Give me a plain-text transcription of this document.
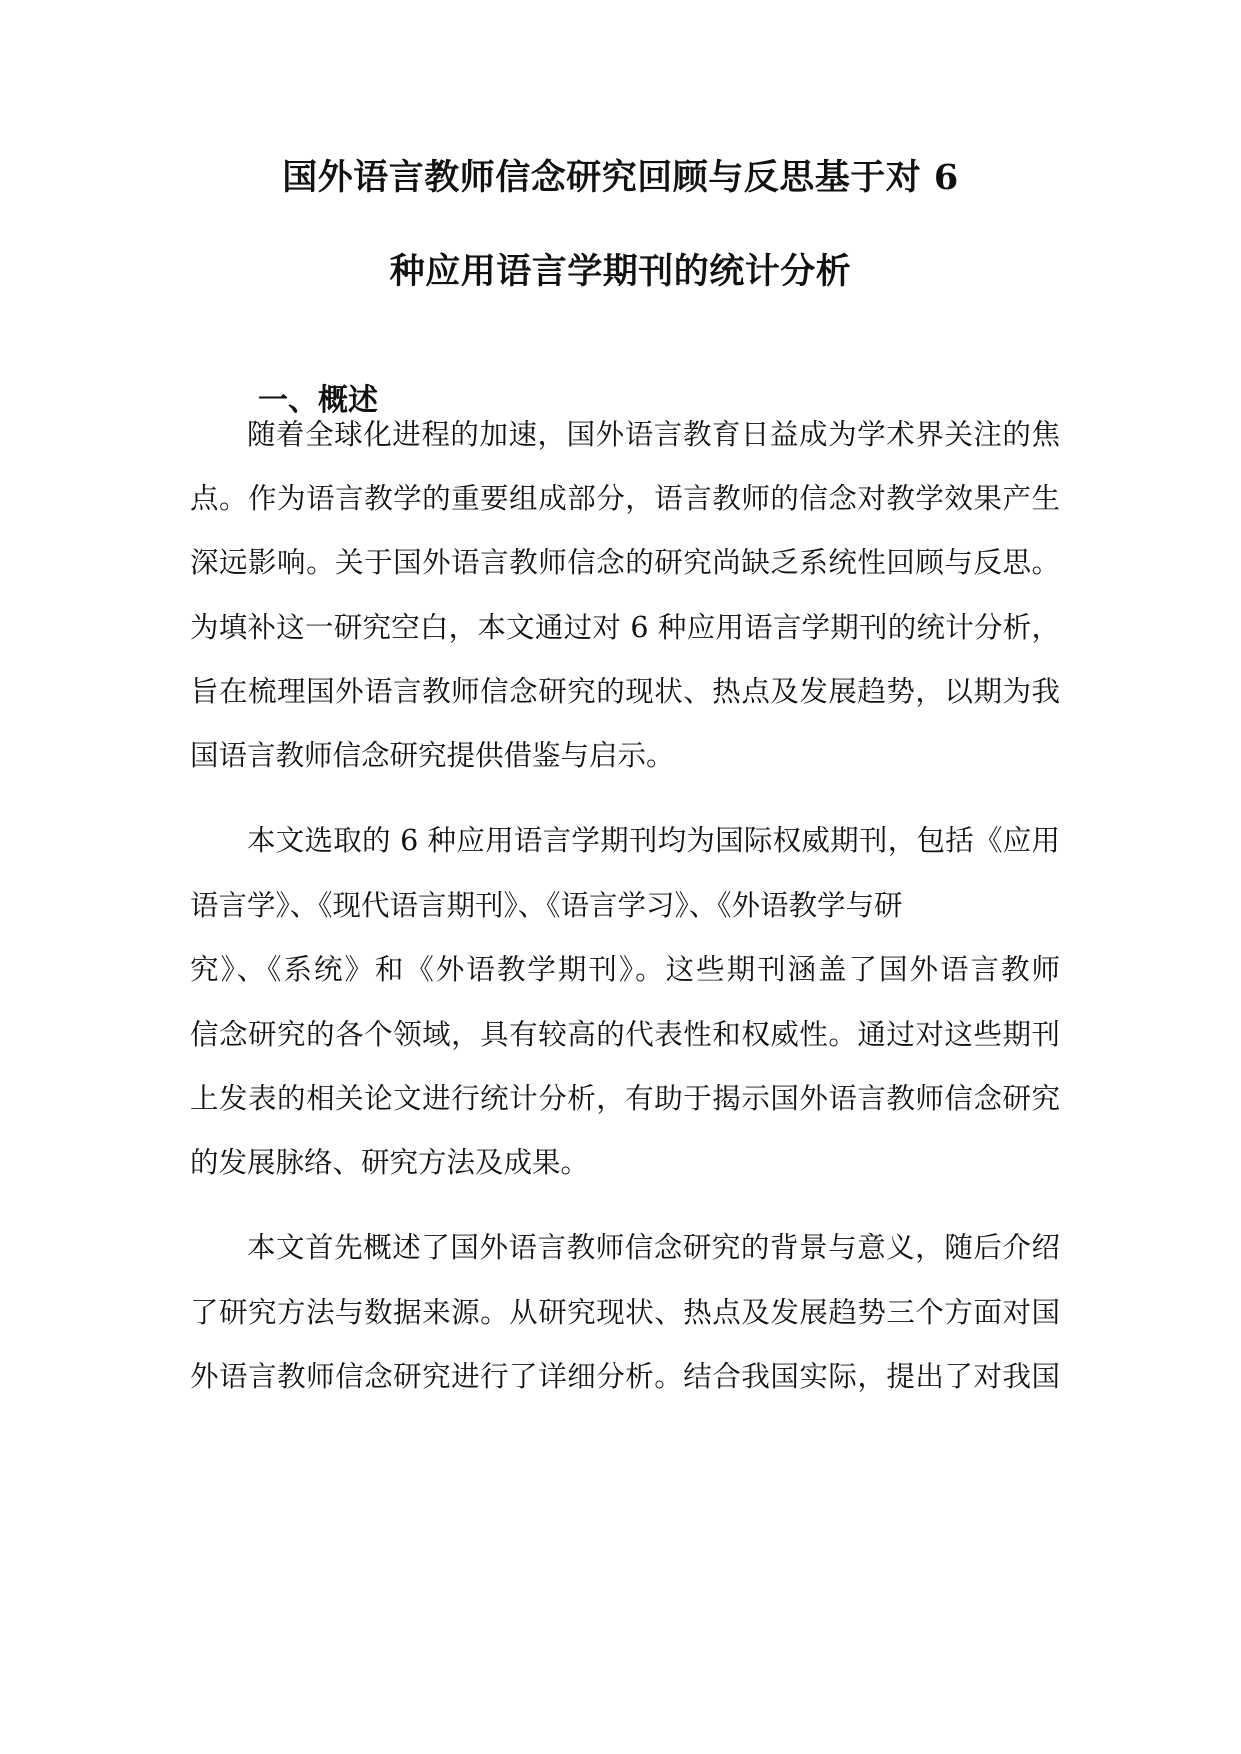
国外语言教师信念研究回顾与反思基于对 6
种应用语言学期刊的统计分析
一、概述
随着全球化进程的加速，国外语言教育日益成为学术界关注的焦
点。作为语言教学的重要组成部分，语言教师的信念对教学效果产生
深远影响。关于国外语言教师信念的研究尚缺乏系统性回顾与反思。
为填补这一研究空白，本文通过对 6 种应用语言学期刊的统计分析，
旨在梳理国外语言教师信念研究的现状、热点及发展趋势，以期为我
国语言教师信念研究提供借鉴与启示。
本文选取的 6 种应用语言学期刊均为国际权威期刊，包括《应用
语言学》、《现代语言期刊》、《语言学习》、《外语教学与研
究》、《系统》和《外语教学期刊》。这些期刊涵盖了国外语言教师
信念研究的各个领域，具有较高的代表性和权威性。通过对这些期刊
上发表的相关论文进行统计分析，有助于揭示国外语言教师信念研究
的发展脉络、研究方法及成果。
本文首先概述了国外语言教师信念研究的背景与意义，随后介绍
了研究方法与数据来源。从研究现状、热点及发展趋势三个方面对国
外语言教师信念研究进行了详细分析。结合我国实际，提出了对我国
